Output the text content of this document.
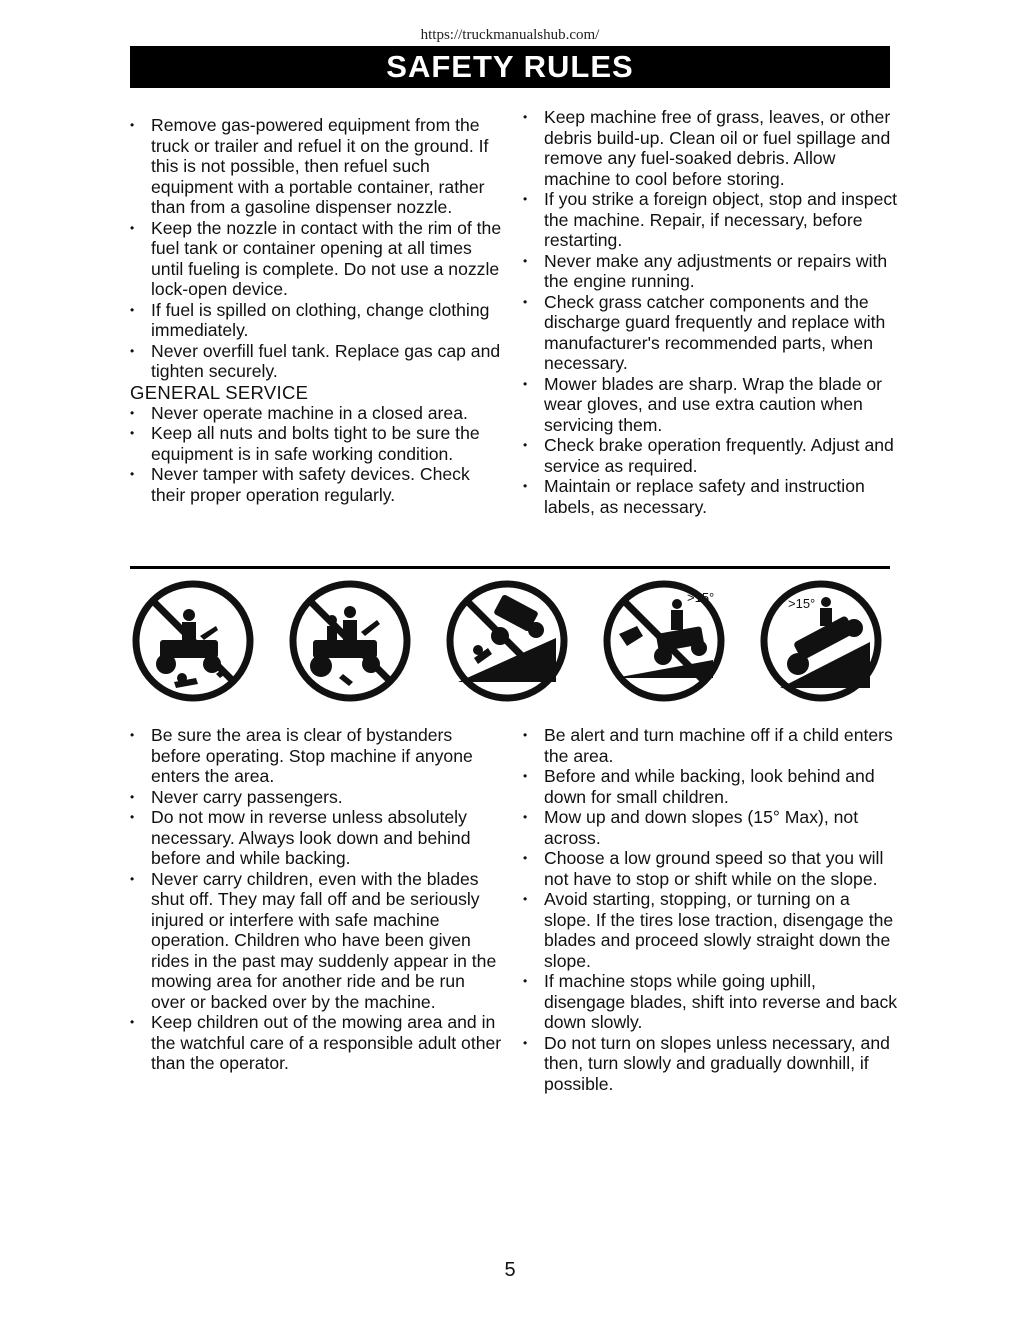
https://truckmanualshub.com/
SAFETY RULES
• Remove gas-powered equipment from the truck or trailer and refuel it on the ground. If this is not possible, then refuel such equipment with a portable container, rather than from a gasoline dispenser nozzle.
• Keep the nozzle in contact with the rim of the fuel tank or container opening at all times until fueling is complete. Do not use a nozzle lock-open device.
• If fuel is spilled on clothing, change clothing immediately.
• Never overfill fuel tank. Replace gas cap and tighten securely.
GENERAL SERVICE
• Never operate machine in a closed area.
• Keep all nuts and bolts tight to be sure the equipment is in safe working condition.
• Never tamper with safety devices. Check their proper operation regularly.
• Keep machine free of grass, leaves, or other debris build-up. Clean oil or fuel spillage and remove any fuel-soaked debris. Allow machine to cool before storing.
• If you strike a foreign object, stop and inspect the machine. Repair, if necessary, before restarting.
• Never make any adjustments or repairs with the engine running.
• Check grass catcher components and the discharge guard frequently and replace with manufacturer's recommended parts, when necessary.
• Mower blades are sharp. Wrap the blade or wear gloves, and use extra caution when servicing them.
• Check brake operation frequently. Adjust and service as required.
• Maintain or replace safety and instruction labels, as necessary.
>15°	>15°
• Be sure the area is clear of bystanders before operating. Stop machine if anyone enters the area.
• Never carry passengers.
• Do not mow in reverse unless absolutely necessary. Always look down and behind before and while backing.
• Never carry children, even with the blades shut off. They may fall off and be seriously injured or interfere with safe machine operation. Children who have been given rides in the past may suddenly appear in the mowing area for another ride and be run over or backed over by the machine.
• Keep children out of the mowing area and in the watchful care of a responsible adult other than the operator.
• Be alert and turn machine off if a child enters the area.
• Before and while backing, look behind and down for small children.
• Mow up and down slopes (15° Max), not across.
• Choose a low ground speed so that you will not have to stop or shift while on the slope.
• Avoid starting, stopping, or turning on a slope. If the tires lose traction, disengage the blades and proceed slowly straight down the slope.
• If machine stops while going uphill, disengage blades, shift into reverse and back down slowly.
• Do not turn on slopes unless necessary, and then, turn slowly and gradually downhill, if possible.
5
